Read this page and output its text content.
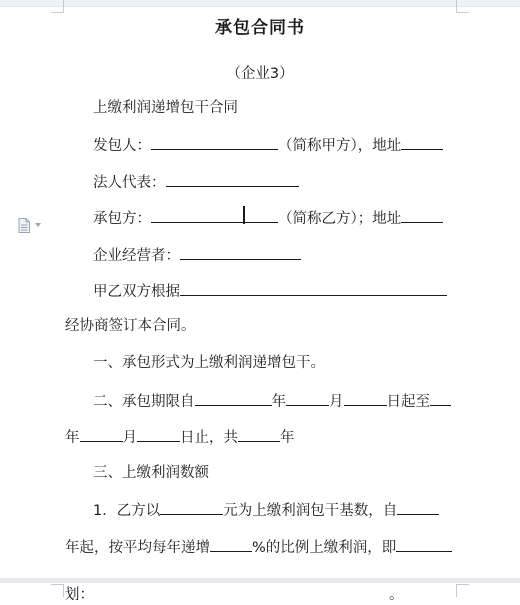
承包合同书
（企业3）
上缴利润递增包干合同
发包人：	（简称甲方），地址
法人代表：
承包方：	（简称乙方）；地址
企业经营者：
甲乙双方根据
经协商签订本合同。
一、承包形式为上缴利润递增包干。
二、承包期限自	年	月	日起至
年	月	日止，共	年
三、上缴利润数额
1．乙方以	元为上缴利润包干基数，自
年起，按平均每年递增	%的比例上缴利润，即
划：	。
